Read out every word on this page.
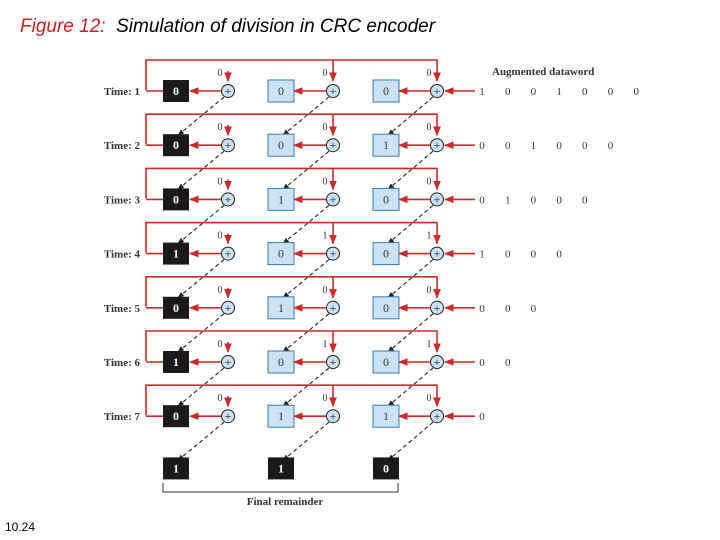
Figure 12: Simulation of division in CRC encoder
Augmented dataword
Time: 1
0	0	0
0	0	0
+	+	+	1 0 0 1 0 0 0
Time: 2
0	0	0
0	0	1
+	+	+	0 0 1 0 0 0
Time: 3
0	0	0
0	1	0
+	+	+	0 1 0 0 0
Time: 4
0	1	1
1	0	0
+	+	+	1 0 0 0
Time: 5
0	0	0
0	1	0
+	+	+	0 0 0
Time: 6
0	1	1
1	0	0
+	+	+	0 0
Time: 7
0	0	0
0	1	1
+	+	+	0
Final remainder
1	1	0
10.24
